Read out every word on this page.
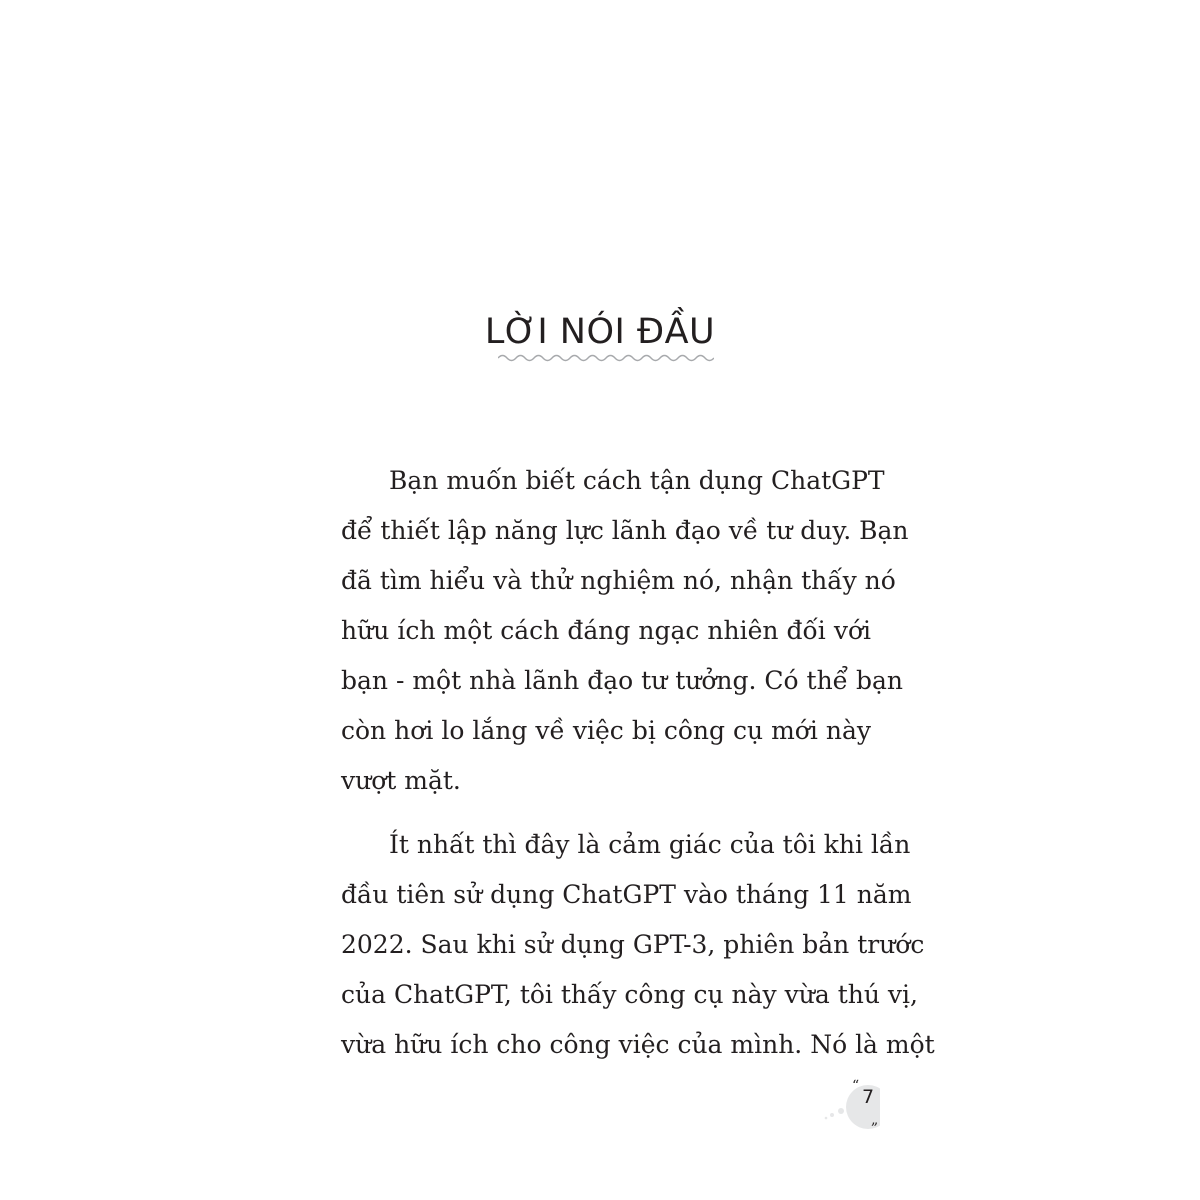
LỜI NÓI ĐẦU

Bạn muốn biết cách tận dụng ChatGPT
để thiết lập năng lực lãnh đạo về tư duy. Bạn
đã tìm hiểu và thử nghiệm nó, nhận thấy nó
hữu ích một cách đáng ngạc nhiên đối với
bạn - một nhà lãnh đạo tư tưởng. Có thể bạn
còn hơi lo lắng về việc bị công cụ mới này
vượt mặt.

Ít nhất thì đây là cảm giác của tôi khi lần
đầu tiên sử dụng ChatGPT vào tháng 11 năm
2022. Sau khi sử dụng GPT-3, phiên bản trước
của ChatGPT, tôi thấy công cụ này vừa thú vị,
vừa hữu ích cho công việc của mình. Nó là một

“
„
7
